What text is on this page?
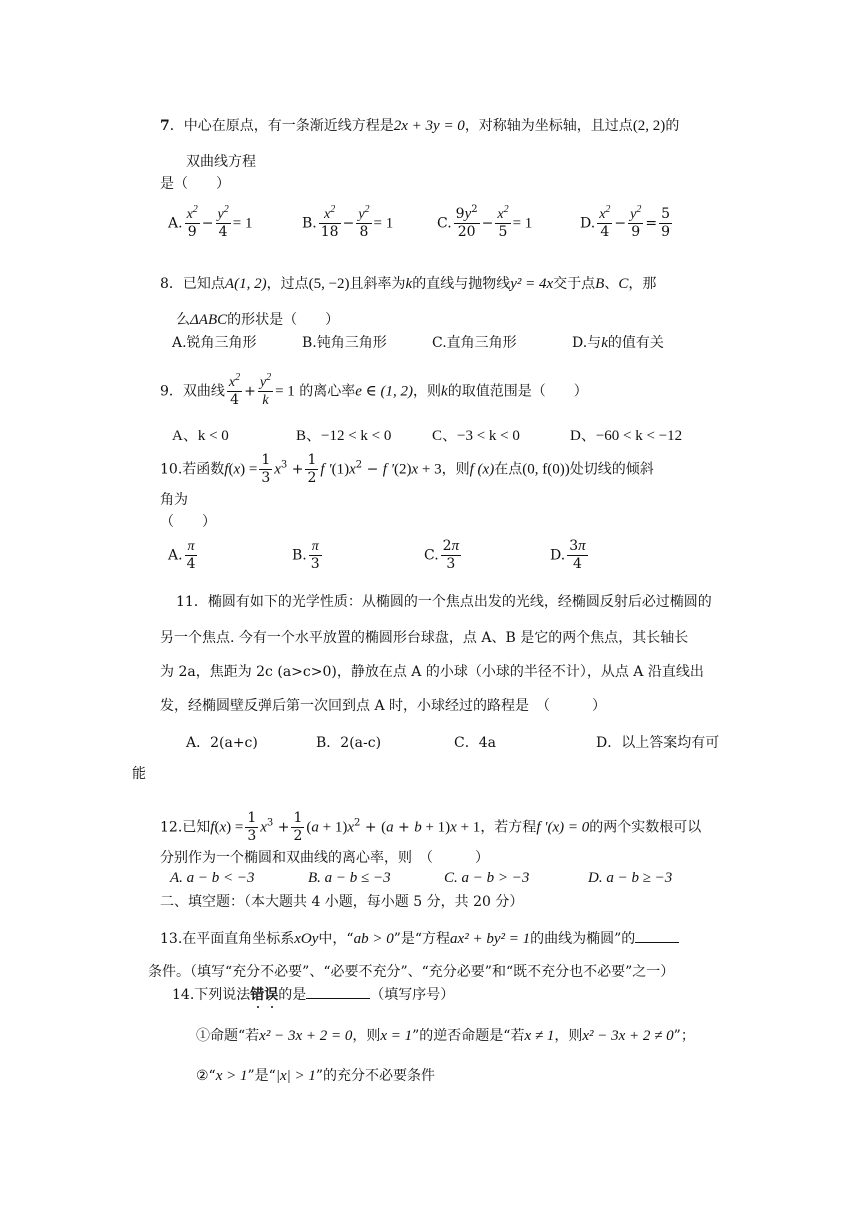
7．中心在原点，有一条渐近线方程是2x + 3y = 0，对称轴为坐标轴，且过点(2, 2)的
双曲线方程
是（　　）
A. $\frac{x^2}{9} - \frac{y^2}{4} = 1$	B. $\frac{x^2}{18} - \frac{y^2}{8} = 1$	C. $\frac{9y^2}{20} - \frac{x^2}{5} = 1$	D. $\frac{x^2}{4} - \frac{y^2}{9} = \frac{5}{9}$
8．已知点A(1, 2)，过点(5, −2)且斜率为k的直线与抛物线y² = 4x交于点B、C，那
么ΔABC的形状是（　　）
A.锐角三角形	B.钝角三角形	C.直角三角形	D.与k的值有关
9．双曲线 $\frac{x^2}{4} + \frac{y^2}{k} = 1$ 的离心率e ∈ (1, 2)，则k的取值范围是（　　）
A、k < 0	B、−12 < k < 0	C、−3 < k < 0	D、−60 < k < −12
10.若函数$f(x) = \frac{1}{3} x^3 + \frac{1}{2}$ f $'(1)x^2 - f$ ′(2)x + 3，则f (x)在点(0, f(0))处切线的倾斜
角为
（　　）
A. $\frac{\pi}{4}$	B. $\frac{\pi}{3}$	C. $\frac{2\pi}{3}$	D. $\frac{3\pi}{4}$
11．椭圆有如下的光学性质：从椭圆的一个焦点出发的光线，经椭圆反射后必过椭圆的
另一个焦点. 今有一个水平放置的椭圆形台球盘，点 A、B 是它的两个焦点，其长轴长
为 2a，焦距为 2c (a>c>0)，静放在点 A 的小球（小球的半径不计），从点 A 沿直线出
发，经椭圆壁反弹后第一次回到点 A 时，小球经过的路程是　（　　　）
A．2(a+c)	B．2(a-c)	C．4a	D．以上答案均有可
能
12.已知$f(x) = \frac{1}{3} x^3 + \frac{1}{2} (a + 1)x^2 + (a + b + 1)x + 1$，若方程f ′(x) = 0的两个实数根可以
分别作为一个椭圆和双曲线的离心率，则　（　　　）
A. a − b < −3	B. a − b ≤ −3	C. a − b > −3	D. a − b ≥ −3
二、填空题：（本大题共 4 小题，每小题 5 分，共 20 分）
13.在平面直角坐标系xOy中，“ab > 0”是“方程ax² + by² = 1的曲线为椭圆”的
条件。（填写“充分不必要”、“必要不充分”、“充分必要”和“既不充分也不必要”之一）
14.下列说法错误的是	（填写序号）
①命题“若x² − 3x + 2 = 0，则x = 1”的逆否命题是“若x ≠ 1，则x² − 3x + 2 ≠ 0”；
②“x > 1”是“|x| > 1”的充分不必要条件
